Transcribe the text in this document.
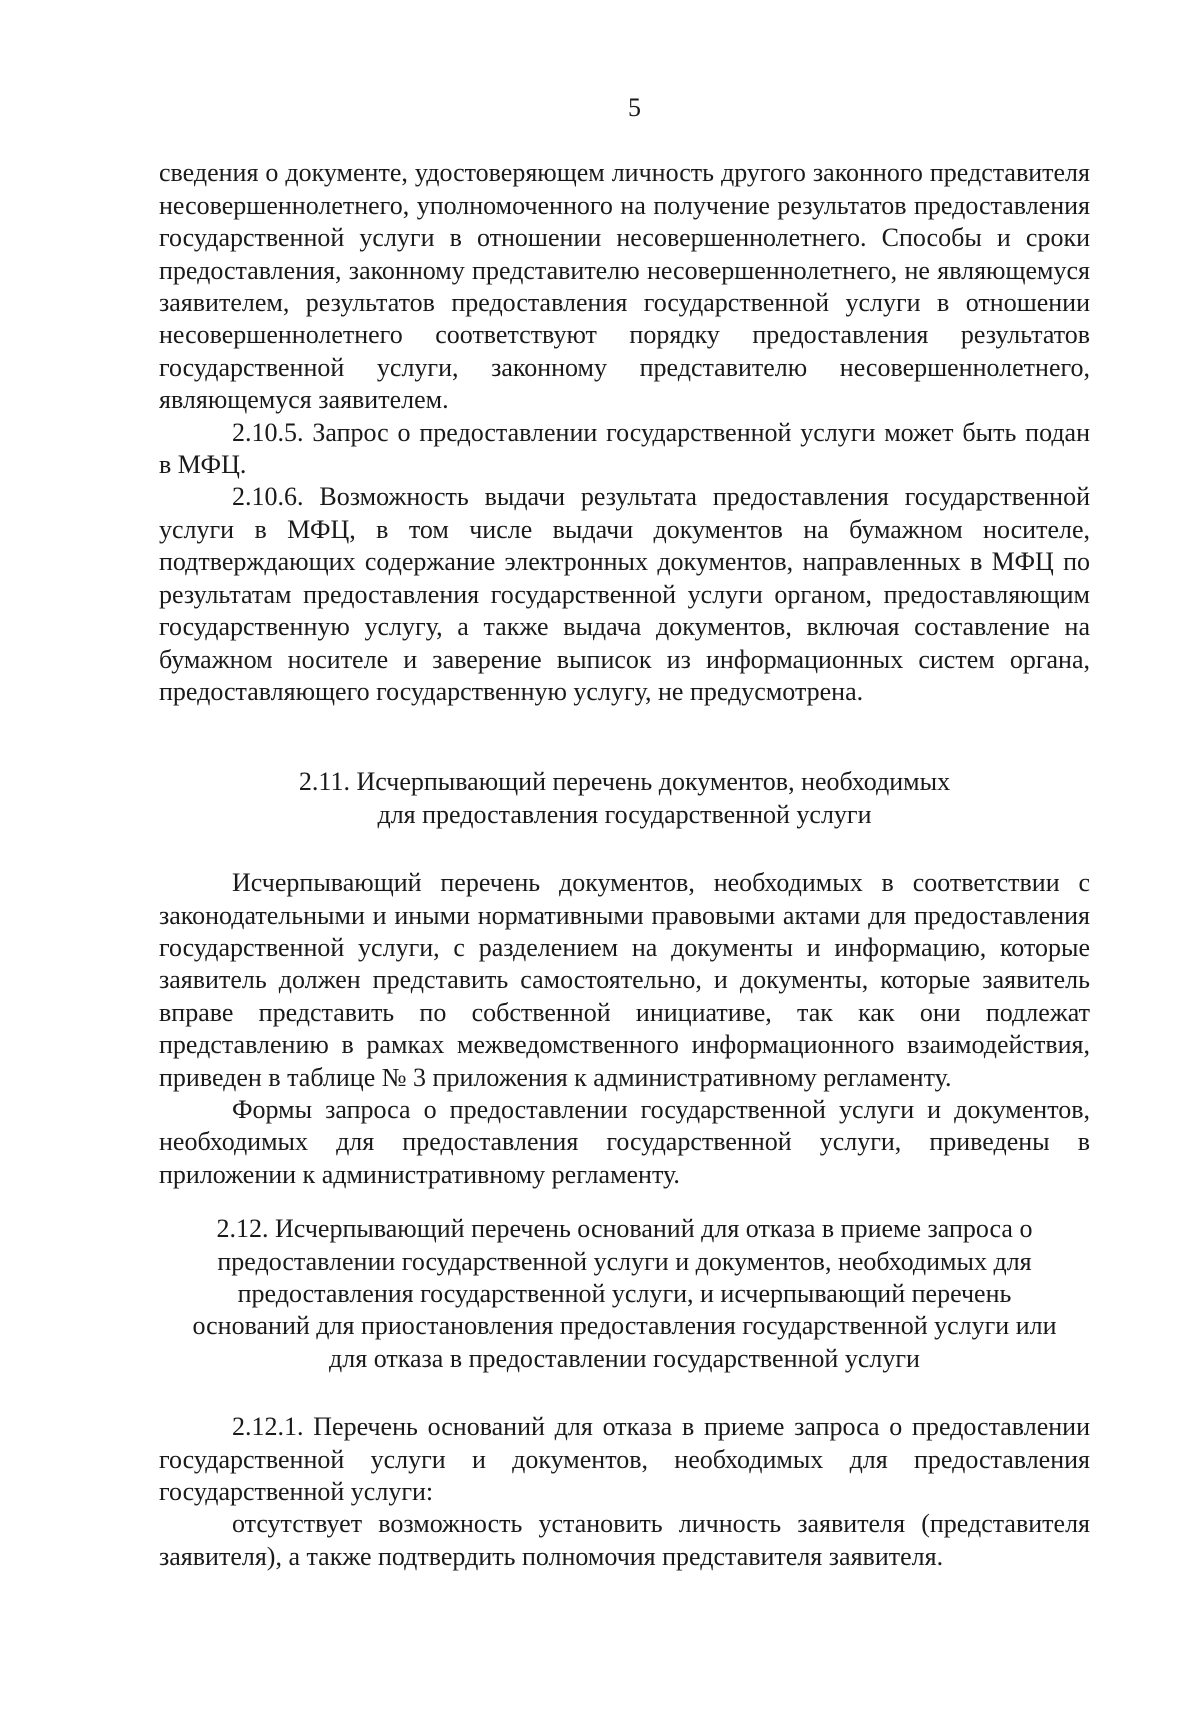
5

сведения о документе, удостоверяющем личность другого законного представителя несовершеннолетнего, уполномоченного на получение результатов предоставления государственной услуги в отношении несовершеннолетнего. Способы и сроки предоставления, законному представителю несовершеннолетнего, не являющемуся заявителем, результатов предоставления государственной услуги в отношении несовершеннолетнего соответствуют порядку предоставления результатов государственной услуги, законному представителю несовершеннолетнего, являющемуся заявителем.

2.10.5. Запрос о предоставлении государственной услуги может быть подан в МФЦ.

2.10.6. Возможность выдачи результата предоставления государственной услуги в МФЦ, в том числе выдачи документов на бумажном носителе, подтверждающих содержание электронных документов, направленных в МФЦ по результатам предоставления государственной услуги органом, предоставляющим государственную услугу, а также выдача документов, включая составление на бумажном носителе и заверение выписок из информационных систем органа, предоставляющего государственную услугу, не предусмотрена.

2.11. Исчерпывающий перечень документов, необходимых
для предоставления государственной услуги

Исчерпывающий перечень документов, необходимых в соответствии с законодательными и иными нормативными правовыми актами для предоставления государственной услуги, с разделением на документы и информацию, которые заявитель должен представить самостоятельно, и документы, которые заявитель вправе представить по собственной инициативе, так как они подлежат представлению в рамках межведомственного информационного взаимодействия, приведен в таблице № 3 приложения к административному регламенту.

Формы запроса о предоставлении государственной услуги и документов, необходимых для предоставления государственной услуги, приведены в приложении к административному регламенту.

2.12. Исчерпывающий перечень оснований для отказа в приеме запроса о
предоставлении государственной услуги и документов, необходимых для
предоставления государственной услуги, и исчерпывающий перечень
оснований для приостановления предоставления государственной услуги или
для отказа в предоставлении государственной услуги

2.12.1. Перечень оснований для отказа в приеме запроса о предоставлении государственной услуги и документов, необходимых для предоставления государственной услуги:

отсутствует возможность установить личность заявителя (представителя заявителя), а также подтвердить полномочия представителя заявителя.
